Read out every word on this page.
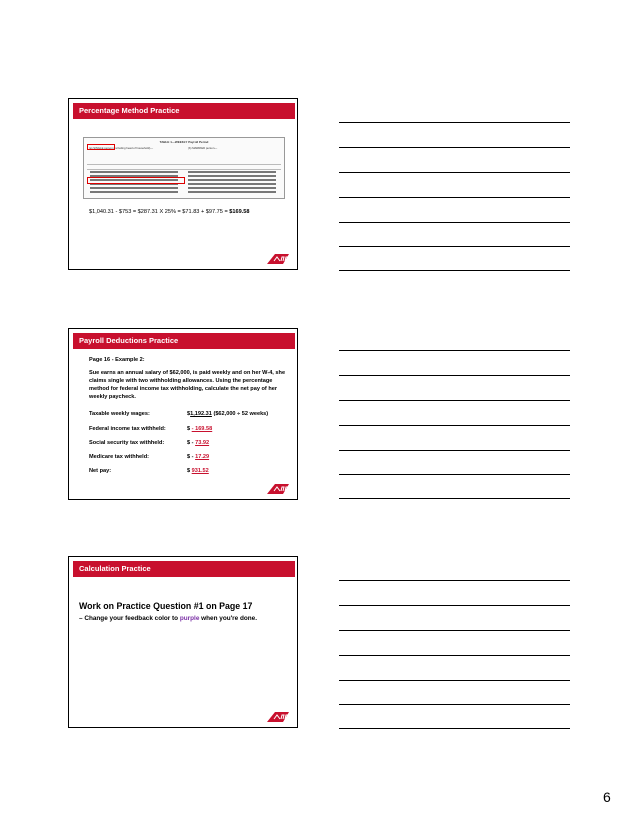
Percentage Method Practice
TABLE 1—WEEKLY Payroll Period
(a) SINGLE person (including head of household)—	(b) MARRIED person—
$1,040.31 - $753 = $287.31 X 25% = $71.83 + $97.75 = $169.58
Payroll Deductions Practice
Page 16 - Example 2:
Sue earns an annual salary of $62,000, is paid weekly and on her W-4, she claims single with two withholding allowances. Using the percentage method for federal income tax withholding, calculate the net pay of her weekly paycheck.
Taxable weekly wages:	$1,192.31 ($62,000 ÷ 52 weeks)
Federal income tax withheld:	$ - 169.58
Social security tax withheld:	$ - 73.92
Medicare tax withheld:	$ - 17.29
Net pay:	$ 931.52
Calculation Practice
Work on Practice Question #1 on Page 17
– Change your feedback color to purple when you're done.
6
